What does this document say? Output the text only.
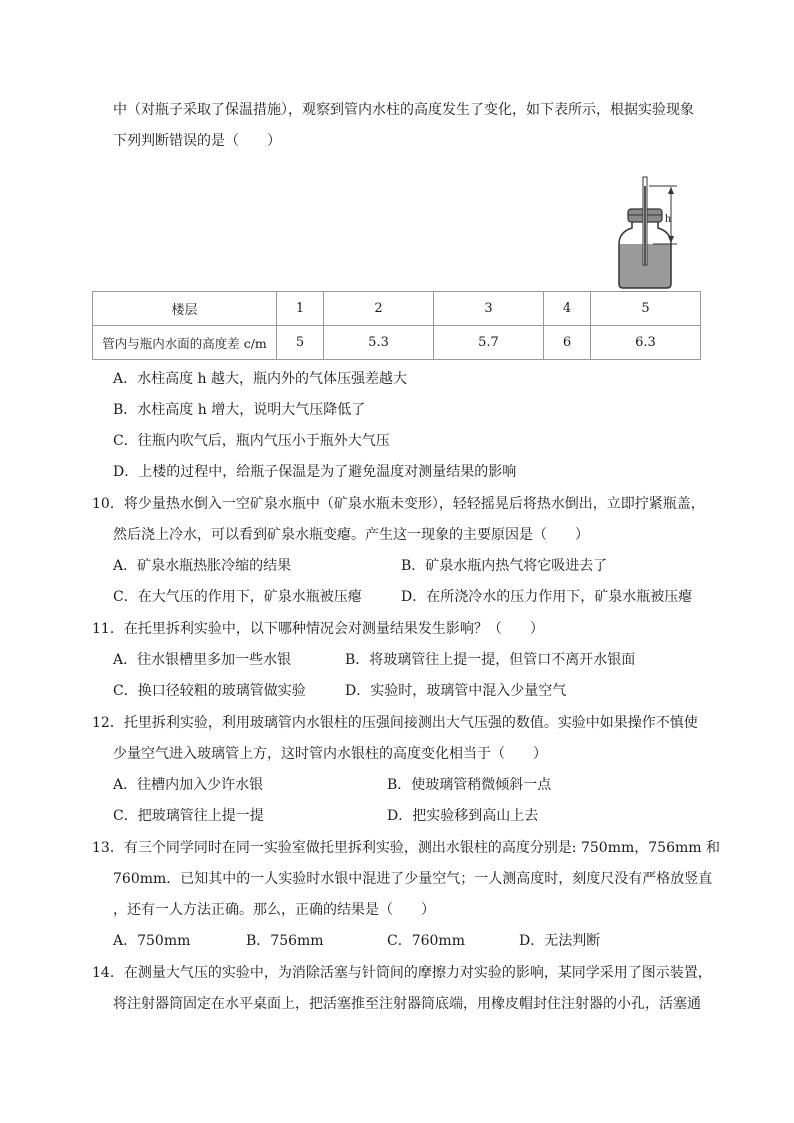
中（对瓶子采取了保温措施），观察到管内水柱的高度发生了变化，如下表所示，根据实验现象
下列判断错误的是（　　）
h
楼层	1	2	3	4	5
管内与瓶内水面的高度差 c/m	5	5.3	5.7	6	6.3
A．水柱高度 h 越大，瓶内外的气体压强差越大
B．水柱高度 h 增大，说明大气压降低了
C．往瓶内吹气后，瓶内气压小于瓶外大气压
D．上楼的过程中，给瓶子保温是为了避免温度对测量结果的影响
10．将少量热水倒入一空矿泉水瓶中（矿泉水瓶未变形），轻轻摇晃后将热水倒出，立即拧紧瓶盖，
然后浇上冷水，可以看到矿泉水瓶变瘪。产生这一现象的主要原因是（　　）
A．矿泉水瓶热胀冷缩的结果	B．矿泉水瓶内热气将它吸进去了
C．在大气压的作用下，矿泉水瓶被压瘪	D．在所浇冷水的压力作用下，矿泉水瓶被压瘪
11．在托里拆利实验中，以下哪种情况会对测量结果发生影响？（　　）
A．往水银槽里多加一些水银	B．将玻璃管往上提一提，但管口不离开水银面
C．换口径较粗的玻璃管做实验	D．实验时，玻璃管中混入少量空气
12．托里拆利实验，利用玻璃管内水银柱的压强间接测出大气压强的数值。实验中如果操作不慎使
少量空气进入玻璃管上方，这时管内水银柱的高度变化相当于（　　）
A．往槽内加入少许水银	B．使玻璃管稍微倾斜一点
C．把玻璃管往上提一提	D．把实验移到高山上去
13．有三个同学同时在同一实验室做托里拆利实验，测出水银柱的高度分别是: 750mm，756mm 和
760mm．已知其中的一人实验时水银中混进了少量空气；一人测高度时，刻度尺没有严格放竖直
，还有一人方法正确。那么，正确的结果是（　　）
A．750mm	B．756mm	C．760mm	D．无法判断
14．在测量大气压的实验中，为消除活塞与针筒间的摩擦力对实验的影响，某同学采用了图示装置，
将注射器筒固定在水平桌面上，把活塞推至注射器筒底端，用橡皮帽封住注射器的小孔，活塞通
